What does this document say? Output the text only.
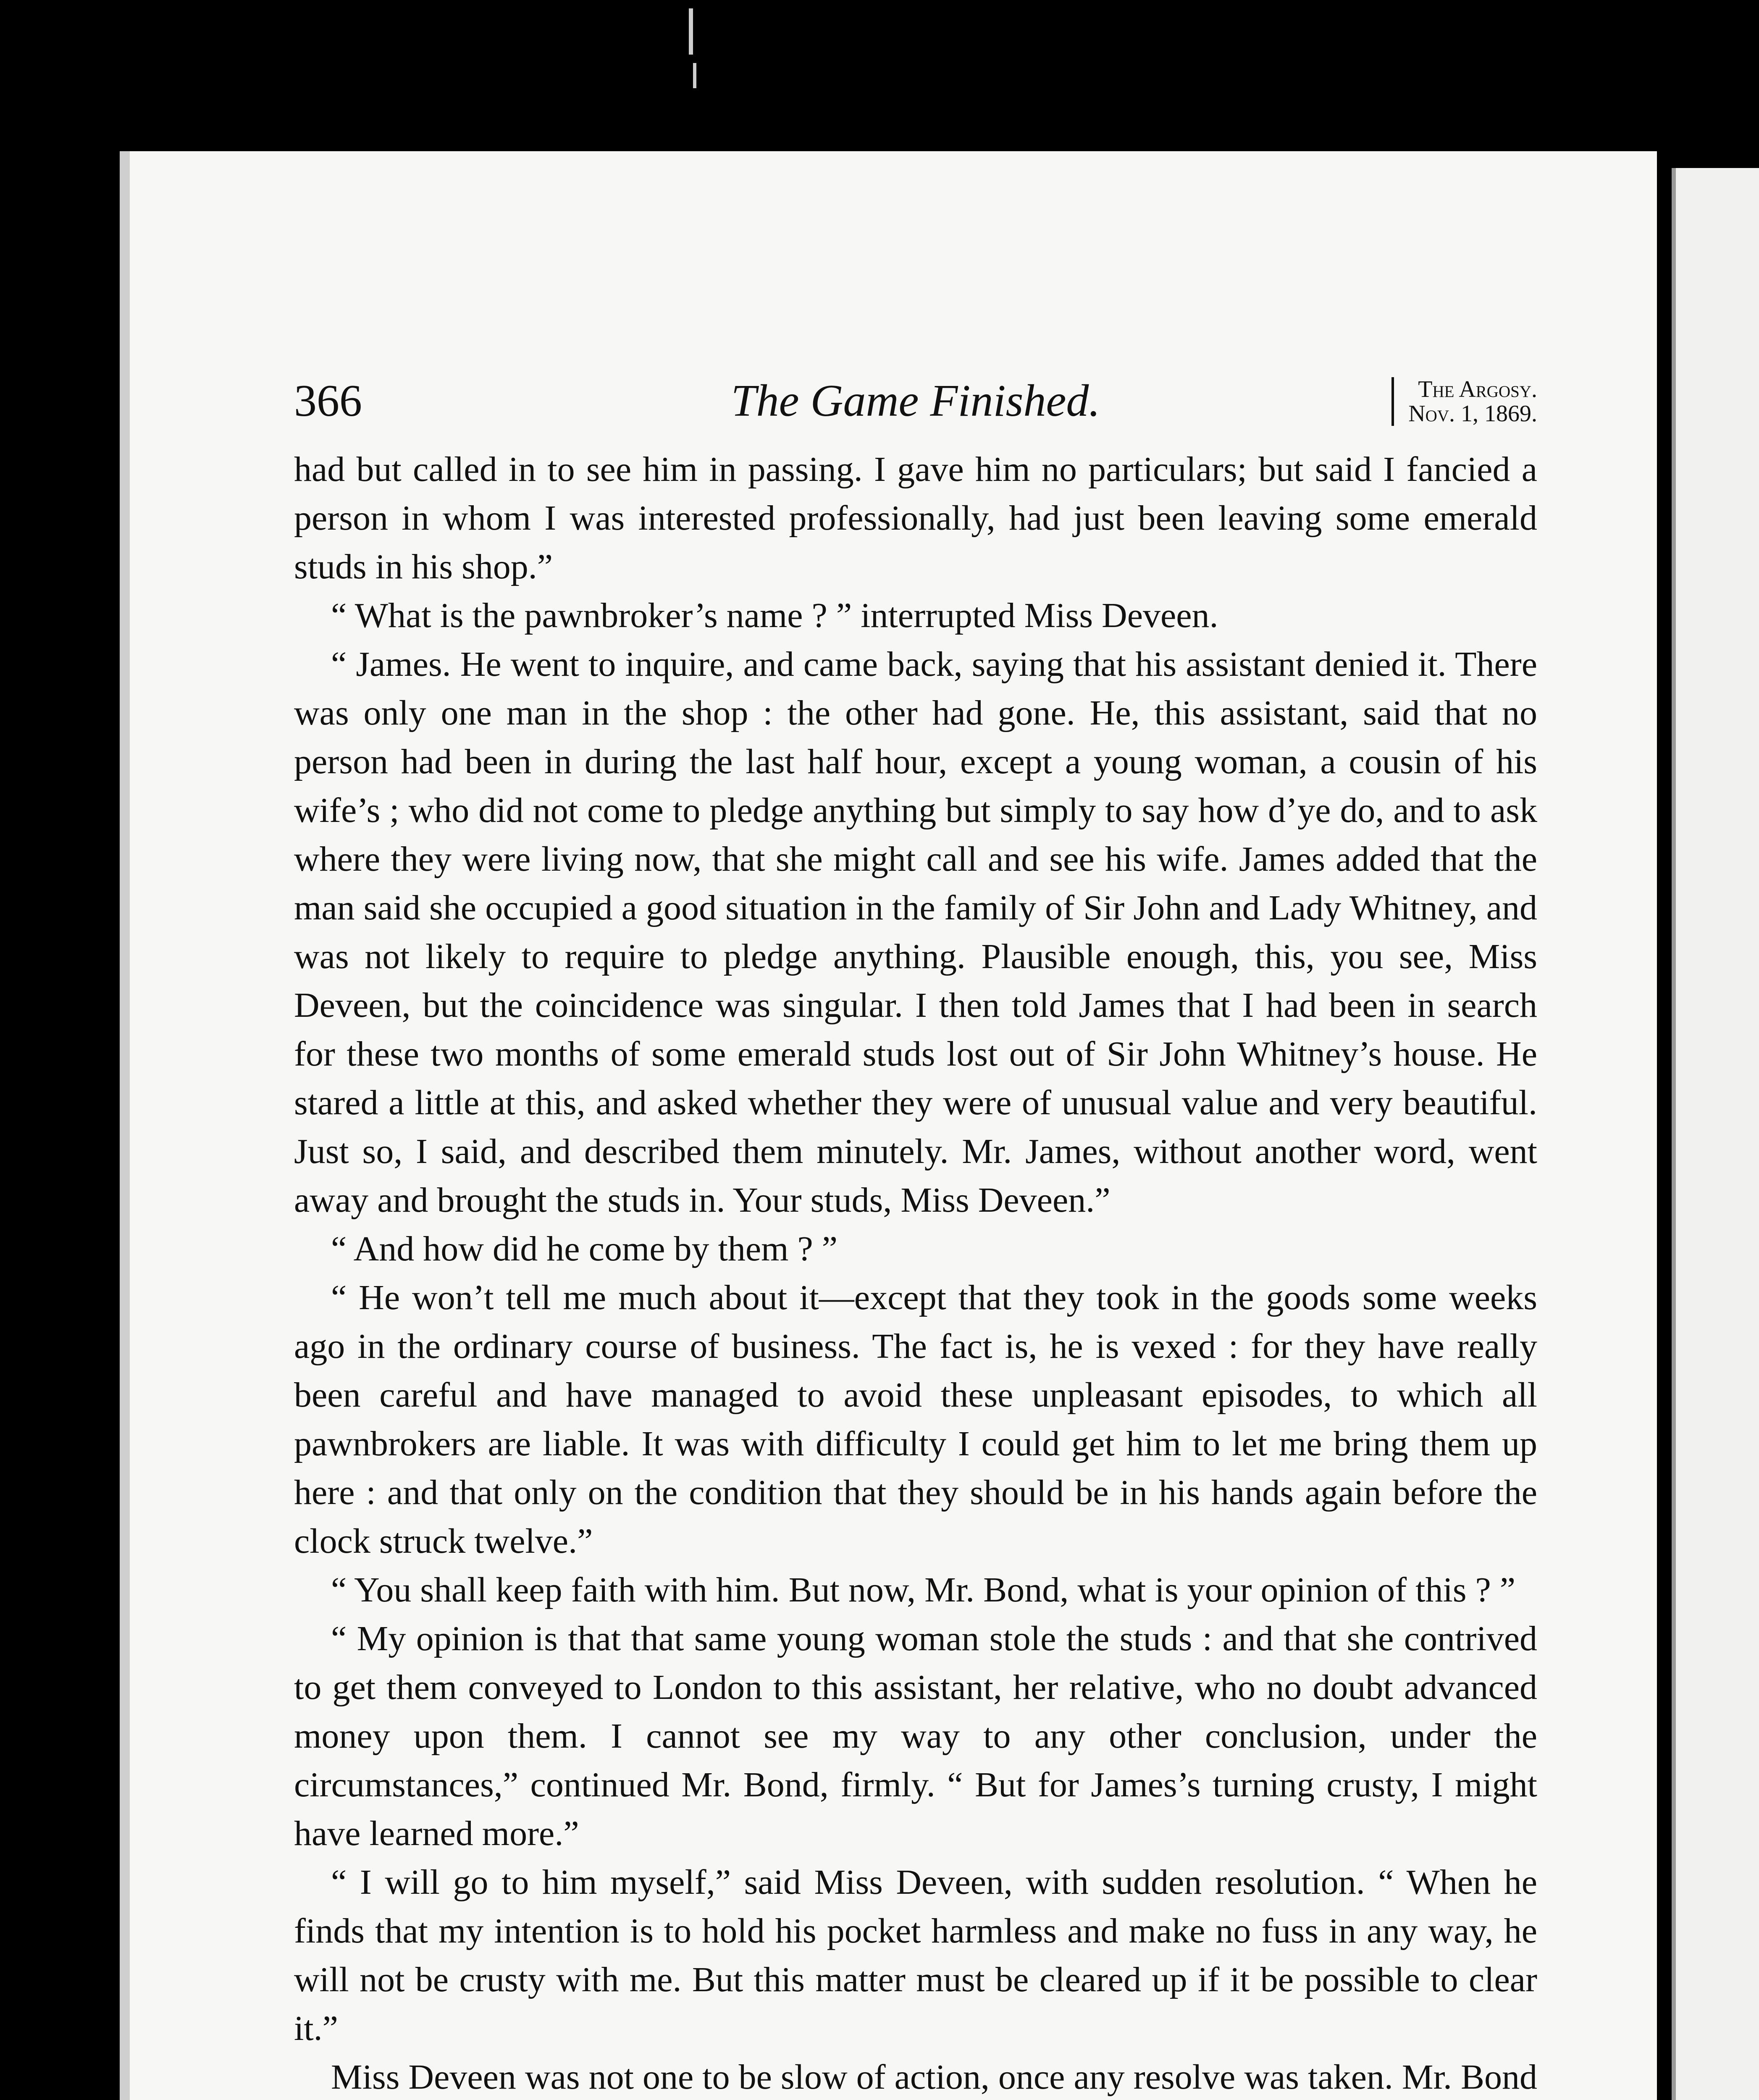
366	The Game Finished.	The Argosy.
Nov. 1, 1869.

had but called in to see him in passing. I gave him no particulars; but said I fancied a person in whom I was interested professionally, had just been leaving some emerald studs in his shop.”

“ What is the pawnbroker’s name ? ” interrupted Miss Deveen.

“ James. He went to inquire, and came back, saying that his assistant denied it. There was only one man in the shop : the other had gone. He, this assistant, said that no person had been in during the last half hour, except a young woman, a cousin of his wife’s ; who did not come to pledge anything but simply to say how d’ye do, and to ask where they were living now, that she might call and see his wife. James added that the man said she occupied a good situation in the family of Sir John and Lady Whitney, and was not likely to require to pledge anything. Plausible enough, this, you see, Miss Deveen, but the coincidence was singular. I then told James that I had been in search for these two months of some emerald studs lost out of Sir John Whitney’s house. He stared a little at this, and asked whether they were of unusual value and very beautiful. Just so, I said, and described them minutely. Mr. James, without another word, went away and brought the studs in. Your studs, Miss Deveen.”

“ And how did he come by them ? ”

“ He won’t tell me much about it—except that they took in the goods some weeks ago in the ordinary course of business. The fact is, he is vexed : for they have really been careful and have managed to avoid these unpleasant episodes, to which all pawnbrokers are liable. It was with difficulty I could get him to let me bring them up here : and that only on the condition that they should be in his hands again before the clock struck twelve.”

“ You shall keep faith with him. But now, Mr. Bond, what is your opinion of this ? ”

“ My opinion is that that same young woman stole the studs : and that she contrived to get them conveyed to London to this assistant, her relative, who no doubt advanced money upon them. I cannot see my way to any other conclusion, under the circumstances,” continued Mr. Bond, firmly. “ But for James’s turning crusty, I might have learned more.”

“ I will go to him myself,” said Miss Deveen, with sudden resolution. “ When he finds that my intention is to hold his pocket harmless and make no fuss in any way, he will not be crusty with me. But this matter must be cleared up if it be possible to clear it.”

Miss Deveen was not one to be slow of action, once any resolve was taken. Mr. Bond
